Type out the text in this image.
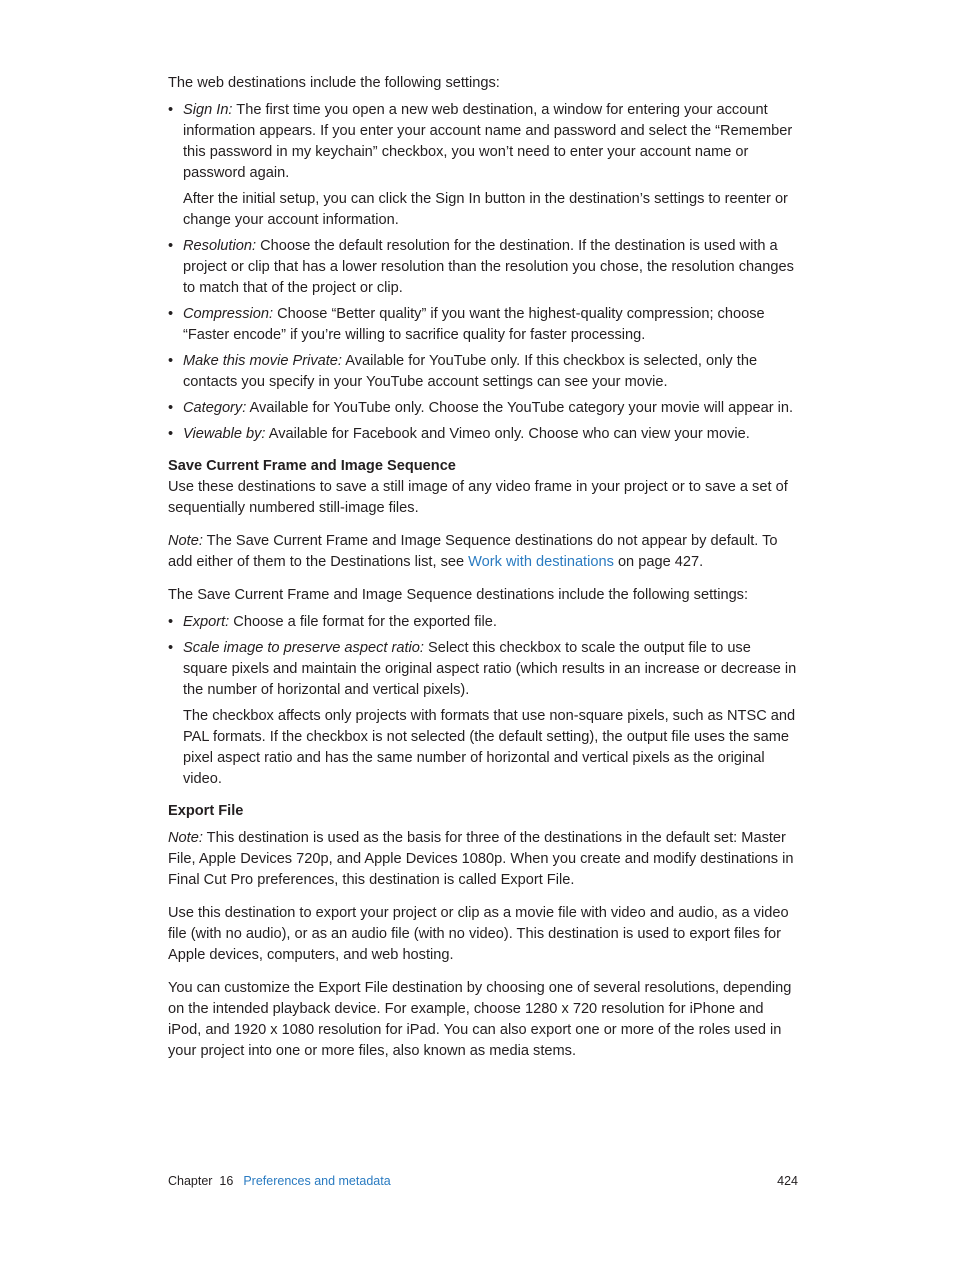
The web destinations include the following settings:

• Sign In: The first time you open a new web destination, a window for entering your account information appears. If you enter your account name and password and select the “Remember this password in my keychain” checkbox, you won’t need to enter your account name or password again.

After the initial setup, you can click the Sign In button in the destination’s settings to reenter or change your account information.

• Resolution: Choose the default resolution for the destination. If the destination is used with a project or clip that has a lower resolution than the resolution you chose, the resolution changes to match that of the project or clip.
• Compression: Choose “Better quality” if you want the highest-quality compression; choose “Faster encode” if you’re willing to sacrifice quality for faster processing.
• Make this movie Private: Available for YouTube only. If this checkbox is selected, only the contacts you specify in your YouTube account settings can see your movie.
• Category: Available for YouTube only. Choose the YouTube category your movie will appear in.
• Viewable by: Available for Facebook and Vimeo only. Choose who can view your movie.
Save Current Frame and Image Sequence

Use these destinations to save a still image of any video frame in your project or to save a set of sequentially numbered still-image files.

Note: The Save Current Frame and Image Sequence destinations do not appear by default. To add either of them to the Destinations list, see Work with destinations on page 427.

The Save Current Frame and Image Sequence destinations include the following settings:

• Export: Choose a file format for the exported file.
• Scale image to preserve aspect ratio: Select this checkbox to scale the output file to use square pixels and maintain the original aspect ratio (which results in an increase or decrease in the number of horizontal and vertical pixels).

The checkbox affects only projects with formats that use non-square pixels, such as NTSC and PAL formats. If the checkbox is not selected (the default setting), the output file uses the same pixel aspect ratio and has the same number of horizontal and vertical pixels as the original video.

Export File

Note: This destination is used as the basis for three of the destinations in the default set: Master File, Apple Devices 720p, and Apple Devices 1080p. When you create and modify destinations in Final Cut Pro preferences, this destination is called Export File.

Use this destination to export your project or clip as a movie file with video and audio, as a video file (with no audio), or as an audio file (with no video). This destination is used to export files for Apple devices, computers, and web hosting.

You can customize the Export File destination by choosing one of several resolutions, depending on the intended playback device. For example, choose 1280 x 720 resolution for iPhone and iPod, and 1920 x 1080 resolution for iPad. You can also export one or more of the roles used in your project into one or more files, also known as media stems.

Chapter  16 Preferences and metadata	424
